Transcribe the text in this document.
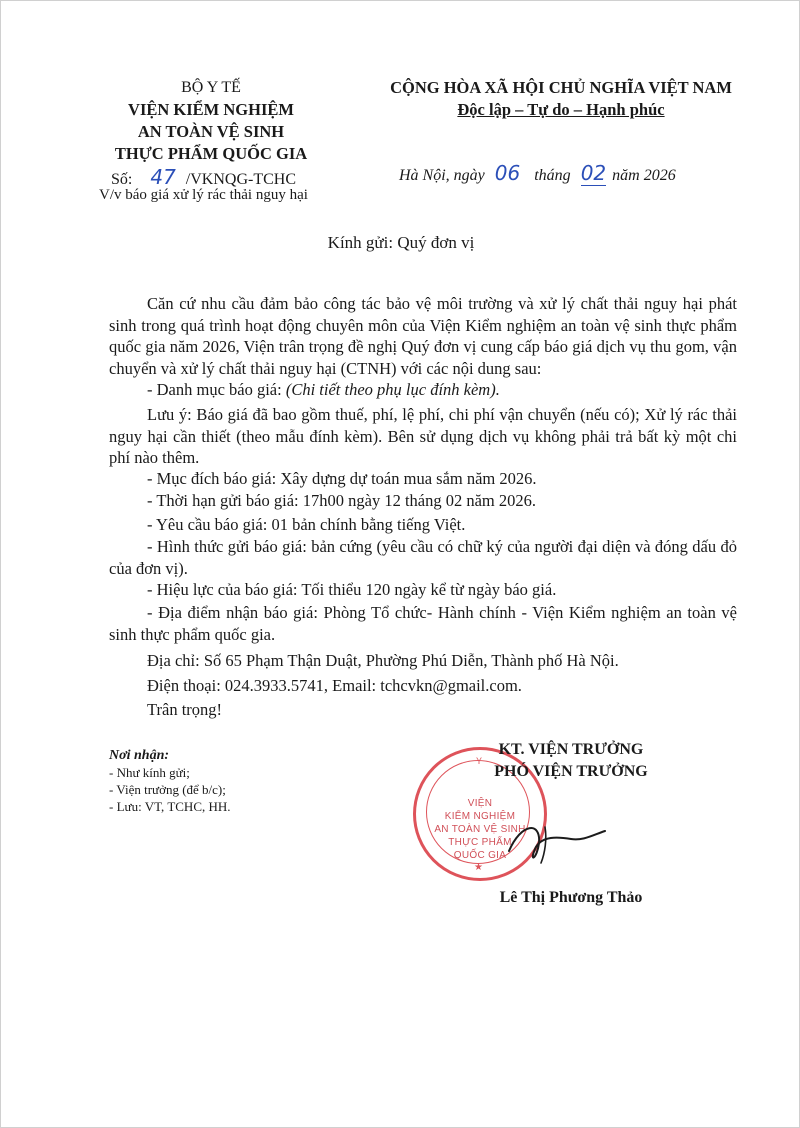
BỘ Y TẾ
VIỆN KIỂM NGHIỆM
AN TOÀN VỆ SINH
THỰC PHẨM QUỐC GIA
Số: 47 /VKNQG-TCHC
V/v báo giá xử lý rác thải nguy hại
CỘNG HÒA XÃ HỘI CHỦ NGHĨA VIỆT NAM
Độc lập – Tự do – Hạnh phúc
Hà Nội, ngày 06 tháng 02 năm 2026
Kính gửi: Quý đơn vị
Căn cứ nhu cầu đảm bảo công tác bảo vệ môi trường và xử lý chất thải nguy hại phát sinh trong quá trình hoạt động chuyên môn của Viện Kiểm nghiệm an toàn vệ sinh thực phẩm quốc gia năm 2026, Viện trân trọng đề nghị Quý đơn vị cung cấp báo giá dịch vụ thu gom, vận chuyển và xử lý chất thải nguy hại (CTNH) với các nội dung sau:
- Danh mục báo giá: (Chi tiết theo phụ lục đính kèm).
Lưu ý: Báo giá đã bao gồm thuế, phí, lệ phí, chi phí vận chuyển (nếu có); Xử lý rác thải nguy hại cần thiết (theo mẫu đính kèm). Bên sử dụng dịch vụ không phải trả bất kỳ một chi phí nào thêm.
- Mục đích báo giá: Xây dựng dự toán mua sắm năm 2026.
- Thời hạn gửi báo giá: 17h00 ngày 12 tháng 02 năm 2026.
- Yêu cầu báo giá: 01 bản chính bằng tiếng Việt.
- Hình thức gửi báo giá: bản cứng (yêu cầu có chữ ký của người đại diện và đóng dấu đỏ của đơn vị).
- Hiệu lực của báo giá: Tối thiểu 120 ngày kể từ ngày báo giá.
- Địa điểm nhận báo giá: Phòng Tổ chức- Hành chính - Viện Kiểm nghiệm an toàn vệ sinh thực phẩm quốc gia.
Địa chỉ: Số 65 Phạm Thận Duật, Phường Phú Diễn, Thành phố Hà Nội.
Điện thoại: 024.3933.5741, Email: tchcvkn@gmail.com.
Trân trọng!
Nơi nhận:
- Như kính gửi;
- Viện trưởng (để b/c);
- Lưu: VT, TCHC, HH.
Y
VIỆN
KIỂM NGHIỆM
AN TOÀN VỆ SINH
THỰC PHẨM
QUỐC GIA
★
KT. VIỆN TRƯỞNG
PHÓ VIỆN TRƯỞNG
Lê Thị Phương Thảo
